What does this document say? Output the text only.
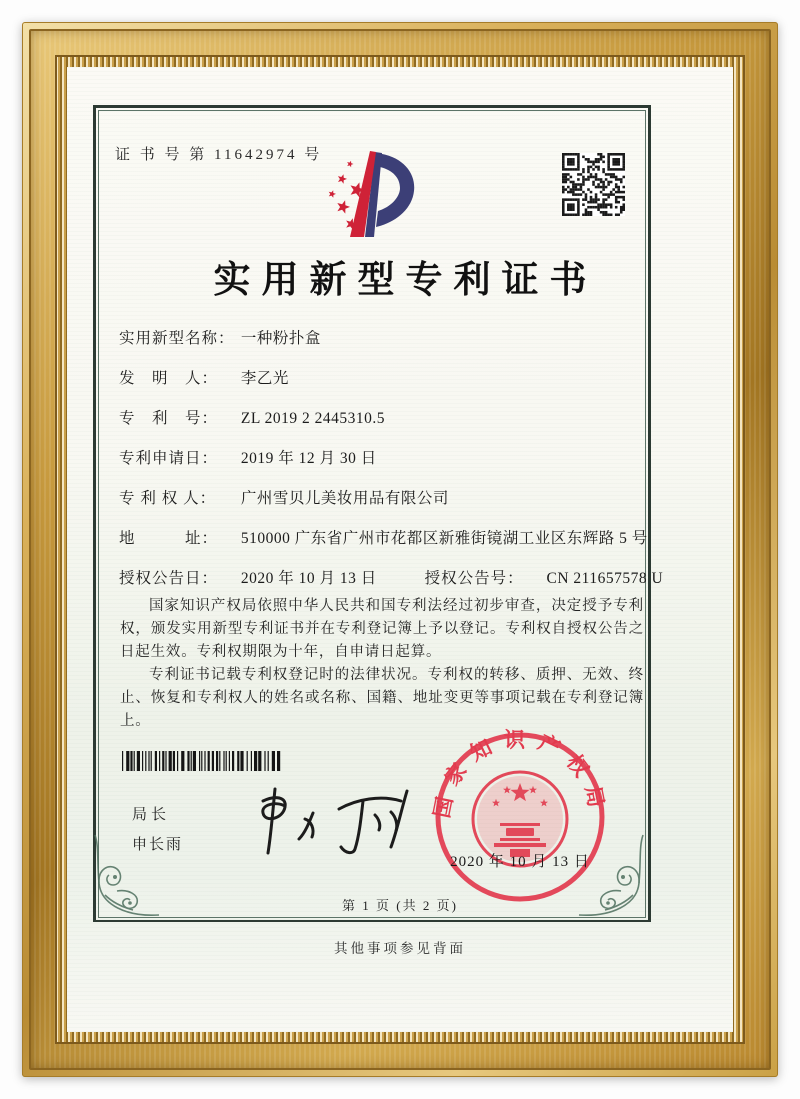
证 书 号 第 11642974 号
实用新型专利证书
实用新型名称： 一种粉扑盒
发　明　人： 李乙光
专　利　号： ZL 2019 2 2445310.5
专利申请日： 2019 年 12 月 30 日
专 利 权 人： 广州雪贝儿美妆用品有限公司
地　　　址： 510000 广东省广州市花都区新雅街镜湖工业区东辉路 5 号
授权公告日： 2020 年 10 月 13 日	授权公告号： CN 211657578 U

国家知识产权局依照中华人民共和国专利法经过初步审查，决定授予专利权，颁发实用新型专利证书并在专利登记簿上予以登记。专利权自授权公告之日起生效。专利权期限为十年，自申请日起算。

专利证书记载专利权登记时的法律状况。专利权的转移、质押、无效、终止、恢复和专利权人的姓名或名称、国籍、地址变更等事项记载在专利登记簿上。

局长
申长雨
国家知识产权局
2020 年 10 月 13 日
第 1 页 (共 2 页)
其他事项参见背面
